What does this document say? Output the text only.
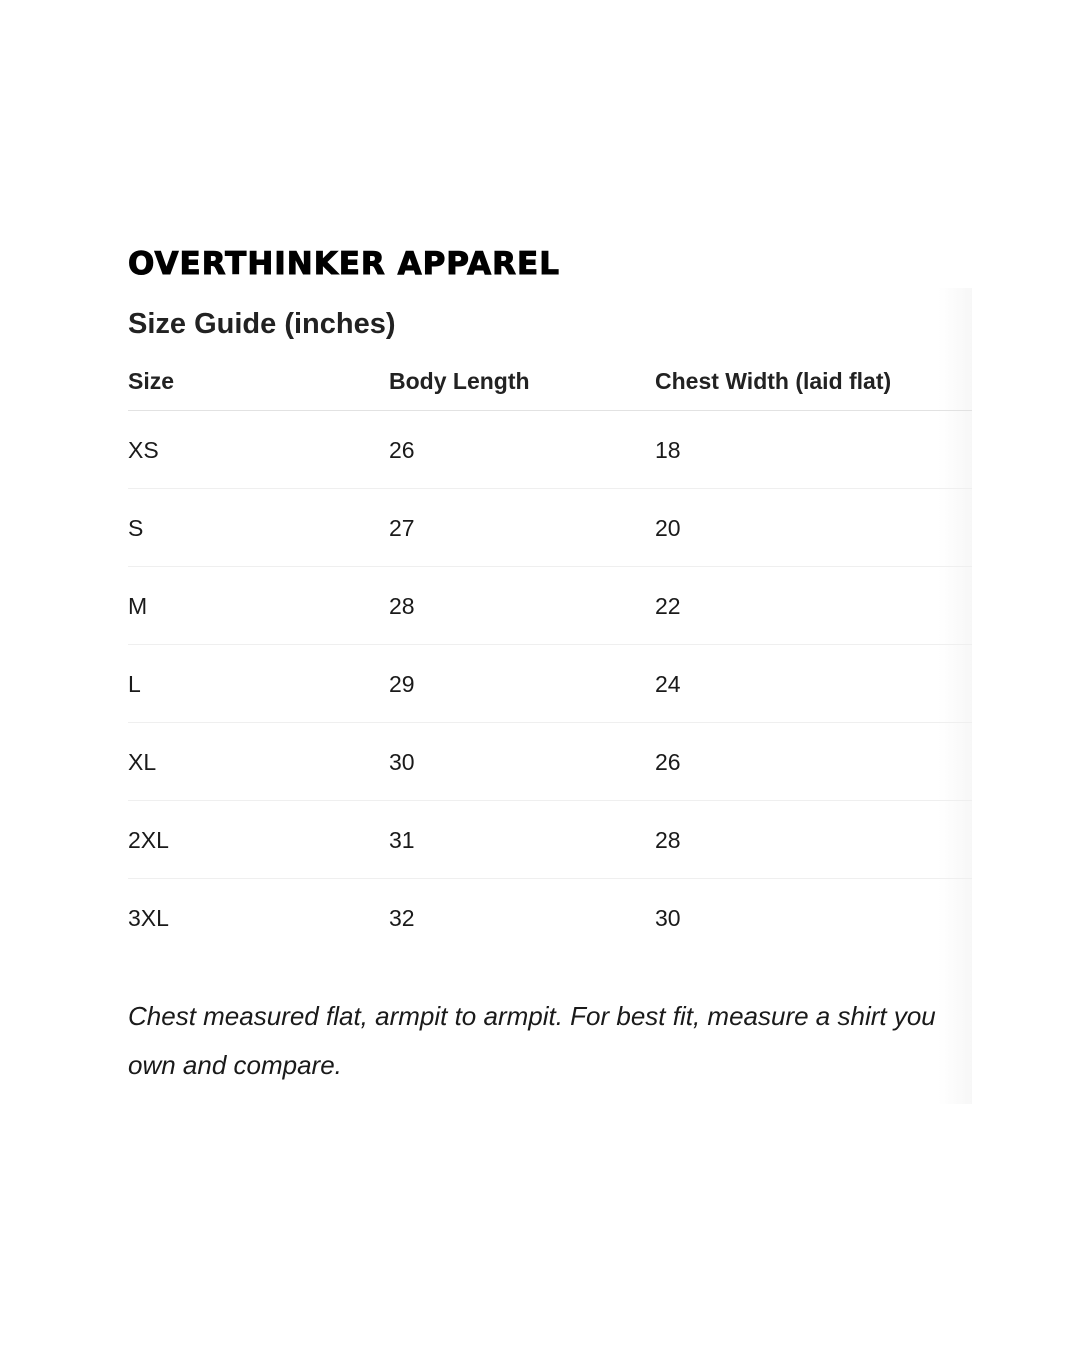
OVERTHINKER APPAREL
Size Guide (inches)
Size	Body Length	Chest Width (laid flat)
XS	26	18
S	27	20
M	28	22
L	29	24
XL	30	26
2XL	31	28
3XL	32	30
Chest measured flat, armpit to armpit. For best fit, measure a shirt you own and compare.
